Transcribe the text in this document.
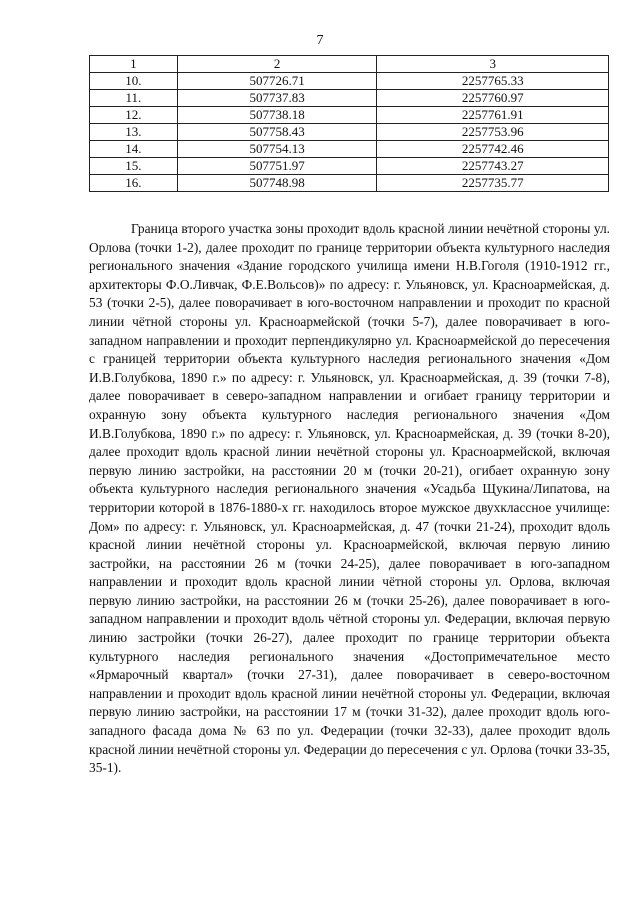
7
1	2	3
10.	507726.71	2257765.33
11.	507737.83	2257760.97
12.	507738.18	2257761.91
13.	507758.43	2257753.96
14.	507754.13	2257742.46
15.	507751.97	2257743.27
16.	507748.98	2257735.77

Граница второго участка зоны проходит вдоль красной линии нечётной стороны ул. Орлова (точки 1-2), далее проходит по границе территории объекта культурного наследия регионального значения «Здание городского училища имени Н.В.Гоголя (1910-1912 гг., архитекторы Ф.О.Ливчак, Ф.Е.Вольсов)» по адресу: г. Ульяновск, ул. Красноармейская, д. 53 (точки 2-5), далее поворачивает в юго-восточном направлении и проходит по красной линии чётной стороны ул. Красноармейской (точки 5-7), далее поворачивает в юго-западном направлении и проходит перпендикулярно ул. Красноармейской до пересечения с границей территории объекта культурного наследия регионального значения «Дом И.В.Голубкова, 1890 г.» по адресу: г. Ульяновск, ул. Красноармейская, д. 39 (точки 7-8), далее поворачивает в северо-западном направлении и огибает границу территории и охранную зону объекта культурного наследия регионального значения «Дом И.В.Голубкова, 1890 г.» по адресу: г. Ульяновск, ул. Красноармейская, д. 39 (точки 8-20), далее проходит вдоль красной линии нечётной стороны ул. Красноармейской, включая первую линию застройки, на расстоянии 20 м (точки 20-21), огибает охранную зону объекта культурного наследия регионального значения «Усадьба Щукина/Липатова, на территории которой в 1876-1880-х гг. находилось второе мужское двухклассное училище: Дом» по адресу: г. Ульяновск, ул. Красноармейская, д. 47 (точки 21-24), проходит вдоль красной линии нечётной стороны ул. Красноармейской, включая первую линию застройки, на расстоянии 26 м (точки 24-25), далее поворачивает в юго-западном направлении и проходит вдоль красной линии чётной стороны ул. Орлова, включая первую линию застройки, на расстоянии 26 м (точки 25-26), далее поворачивает в юго-западном направлении и проходит вдоль чётной стороны ул. Федерации, включая первую линию застройки (точки 26-27), далее проходит по границе территории объекта культурного наследия регионального значения «Достопримечательное место «Ярмарочный квартал» (точки 27-31), далее поворачивает в северо-восточном направлении и проходит вдоль красной линии нечётной стороны ул. Федерации, включая первую линию застройки, на расстоянии 17 м (точки 31-32), далее проходит вдоль юго-западного фасада дома № 63 по ул. Федерации (точки 32-33), далее проходит вдоль красной линии нечётной стороны ул. Федерации до пересечения с ул. Орлова (точки 33-35, 35-1).
